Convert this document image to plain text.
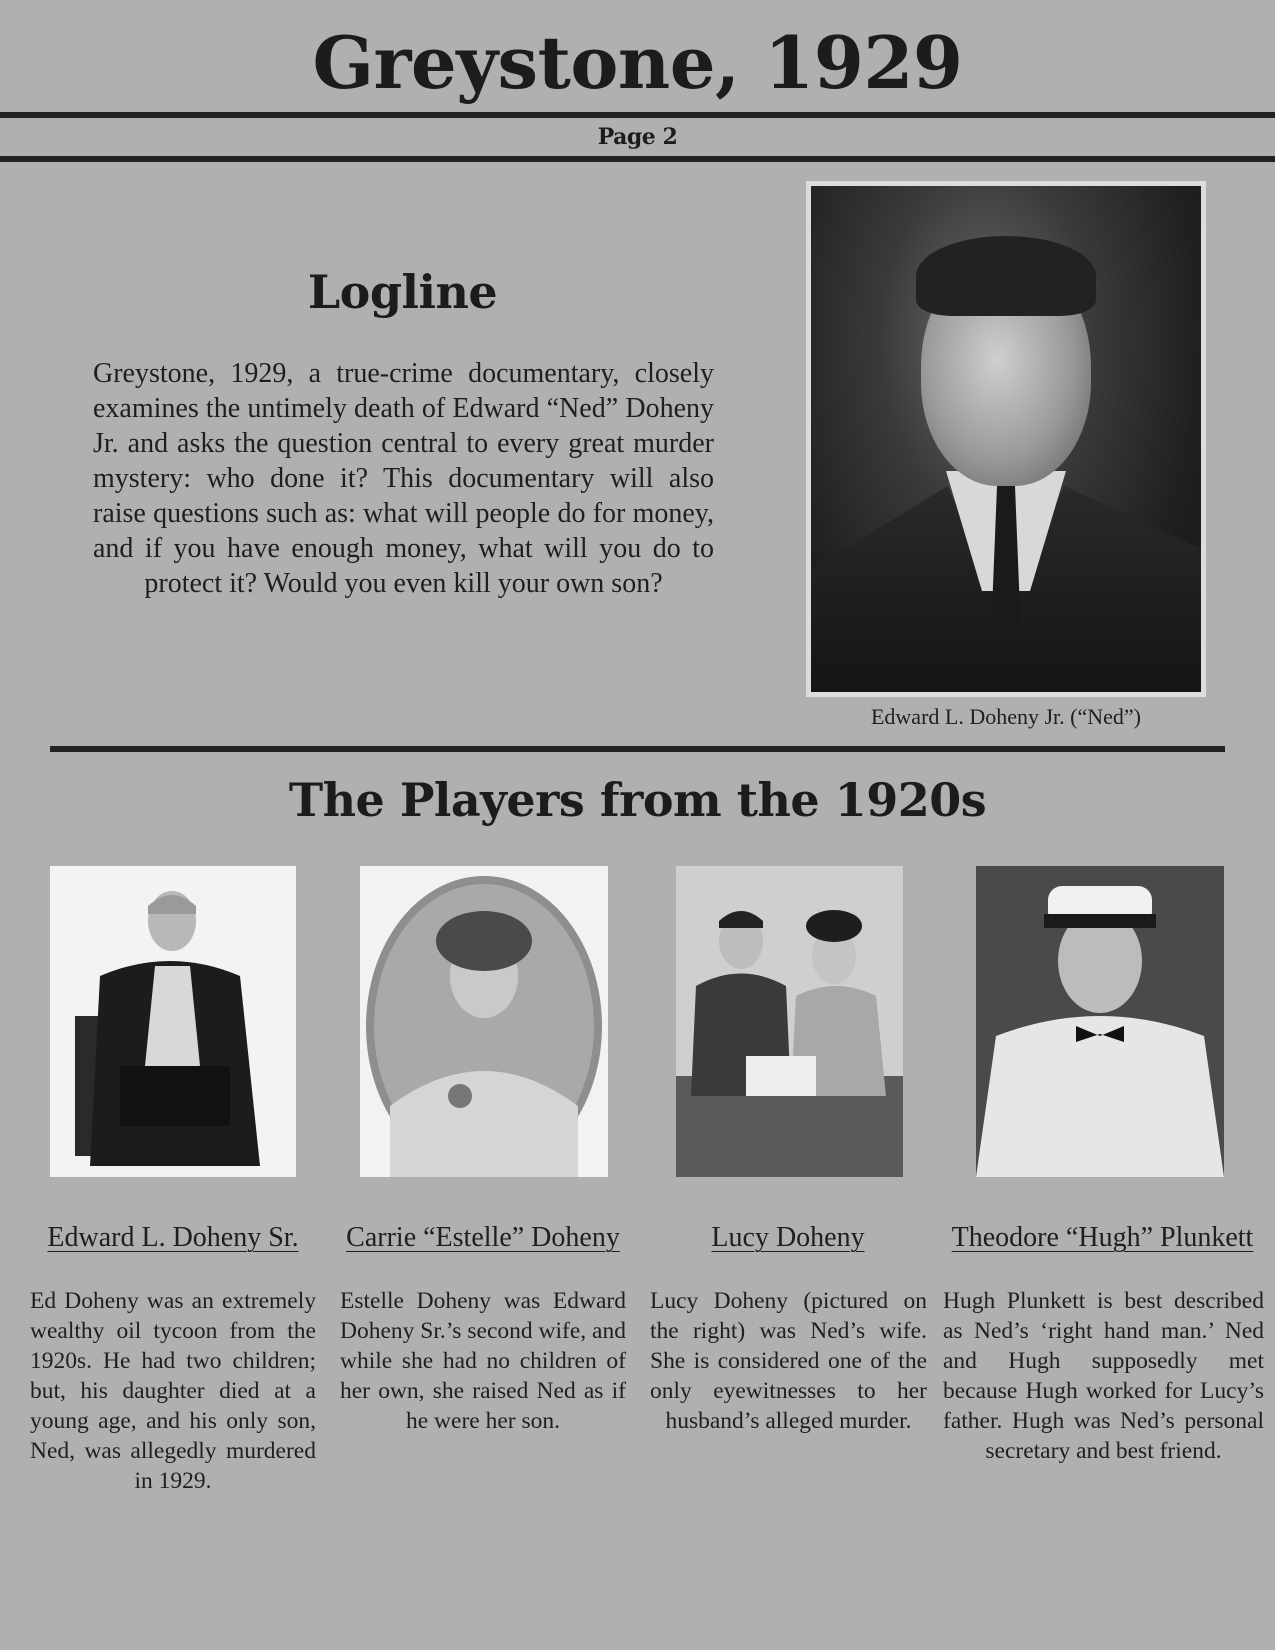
Greystone, 1929
Page 2
Logline
Greystone, 1929, a true-crime documentary, closely examines the untimely death of Edward “Ned” Doheny Jr. and asks the question central to every great murder mystery: who done it? This documentary will also raise questions such as: what will people do for money, and if you have enough money, what will you do to protect it? Would you even kill your own son?
Edward L. Doheny Jr. (“Ned”)
The Players from the 1920s
Edward L. Doheny Sr.	Carrie “Estelle” Doheny	Lucy Doheny	Theodore “Hugh” Plunkett
Ed Doheny was an extremely wealthy oil tycoon from the 1920s. He had two children; but, his daughter died at a young age, and his only son, Ned, was allegedly murdered in 1929.
Estelle Doheny was Edward Doheny Sr.’s second wife, and while she had no children of her own, she raised Ned as if he were her son.
Lucy Doheny (pictured on the right) was Ned’s wife. She is considered one of the only eyewitnesses to her husband’s alleged murder.
Hugh Plunkett is best described as Ned’s ‘right hand man.’ Ned and Hugh supposedly met because Hugh worked for Lucy’s father. Hugh was Ned’s personal secretary and best friend.
